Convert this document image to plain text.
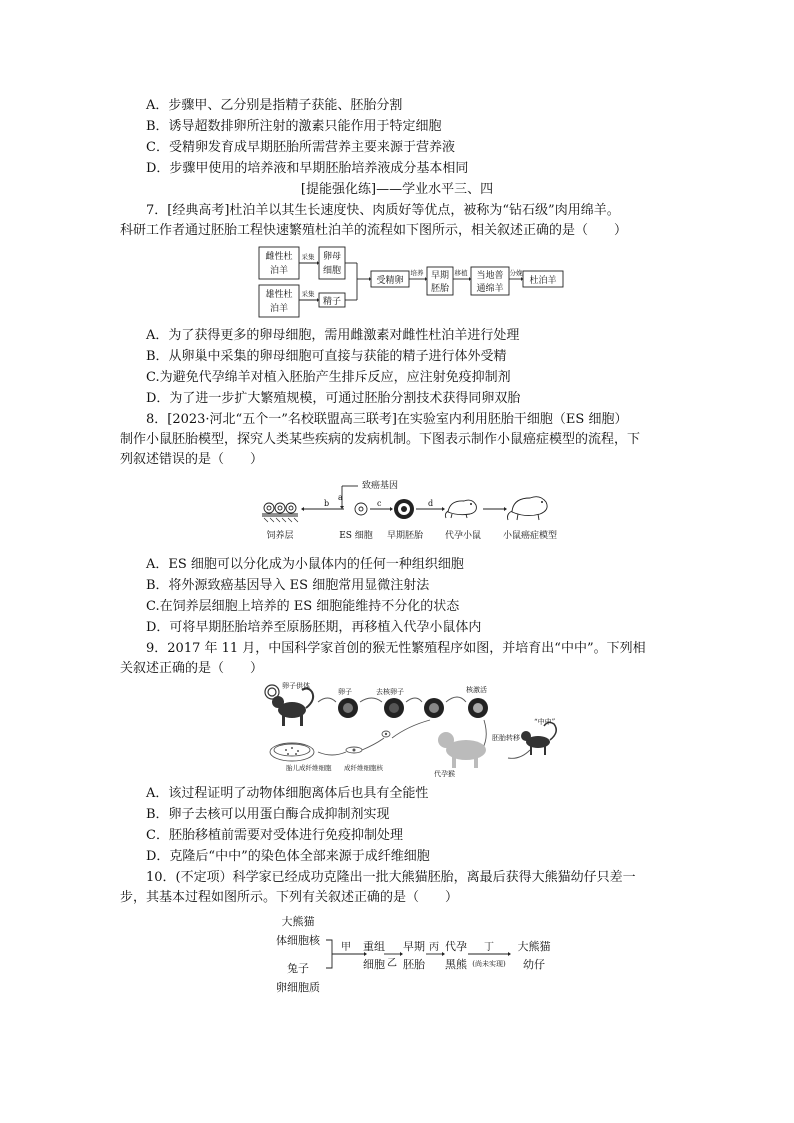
A．步骤甲、乙分别是指精子获能、胚胎分割
B．诱导超数排卵所注射的激素只能作用于特定细胞
C．受精卵发育成早期胚胎所需营养主要来源于营养液
D．步骤甲使用的培养液和早期胚胎培养液成分基本相同
[提能强化练]——学业水平三、四
7．[经典高考]杜泊羊以其生长速度快、肉质好等优点，被称为“钻石级”肉用绵羊。
科研工作者通过胚胎工程快速繁殖杜泊羊的流程如下图所示，相关叙述正确的是（　　）
雌性杜
泊羊
雄性杜
泊羊
采集
采集
卵母
细胞
精子
受精卵
培养 早期
胚胎
移植 当地普
通绵羊
分娩
杜泊羊
A．为了获得更多的卵母细胞，需用雌激素对雌性杜泊羊进行处理
B．从卵巢中采集的卵母细胞可直接与获能的精子进行体外受精
C.为避免代孕绵羊对植入胚胎产生排斥反应，应注射免疫抑制剂
D．为了进一步扩大繁殖规模，可通过胚胎分割技术获得同卵双胎
8．[2023·河北“五个一”名校联盟高三联考]在实验室内利用胚胎干细胞（ES 细胞）
制作小鼠胚胎模型，探究人类某些疾病的发病机制。下图表示制作小鼠癌症模型的流程，下
列叙述错误的是（　　）
致癌基因
a
b	c	d
饲养层	ES 细胞 早期胚胎 代孕小鼠 小鼠癌症模型
A．ES 细胞可以分化成为小鼠体内的任何一种组织细胞
B．将外源致癌基因导入 ES 细胞常用显微注射法
C.在饲养层细胞上培养的 ES 细胞能维持不分化的状态
D．可将早期胚胎培养至原肠胚期，再移植入代孕小鼠体内
9．2017 年 11 月，中国科学家首创的猴无性繁殖程序如图，并培育出“中中”。下列相
关叙述正确的是（　　）
卵子供体
卵子	去核卵子	核激活
“中中”
胚胎转移
胎儿成纤维细胞 成纤维细胞核
代孕猴
A．该过程证明了动物体细胞离体后也具有全能性
B．卵子去核可以用蛋白酶合成抑制剂实现
C．胚胎移植前需要对受体进行免疫抑制处理
D．克隆后“中中”的染色体全部来源于成纤维细胞
10．(不定项）科学家已经成功克隆出一批大熊猫胚胎，离最后获得大熊猫幼仔只差一
步，其基本过程如图所示。下列有关叙述正确的是（　　）
大熊猫
体细胞核
兔子
卵细胞质
甲 重组
细胞 乙
早期
胚胎
丙 代孕
黑熊
丁
(尚未实现)
大熊猫
幼仔
